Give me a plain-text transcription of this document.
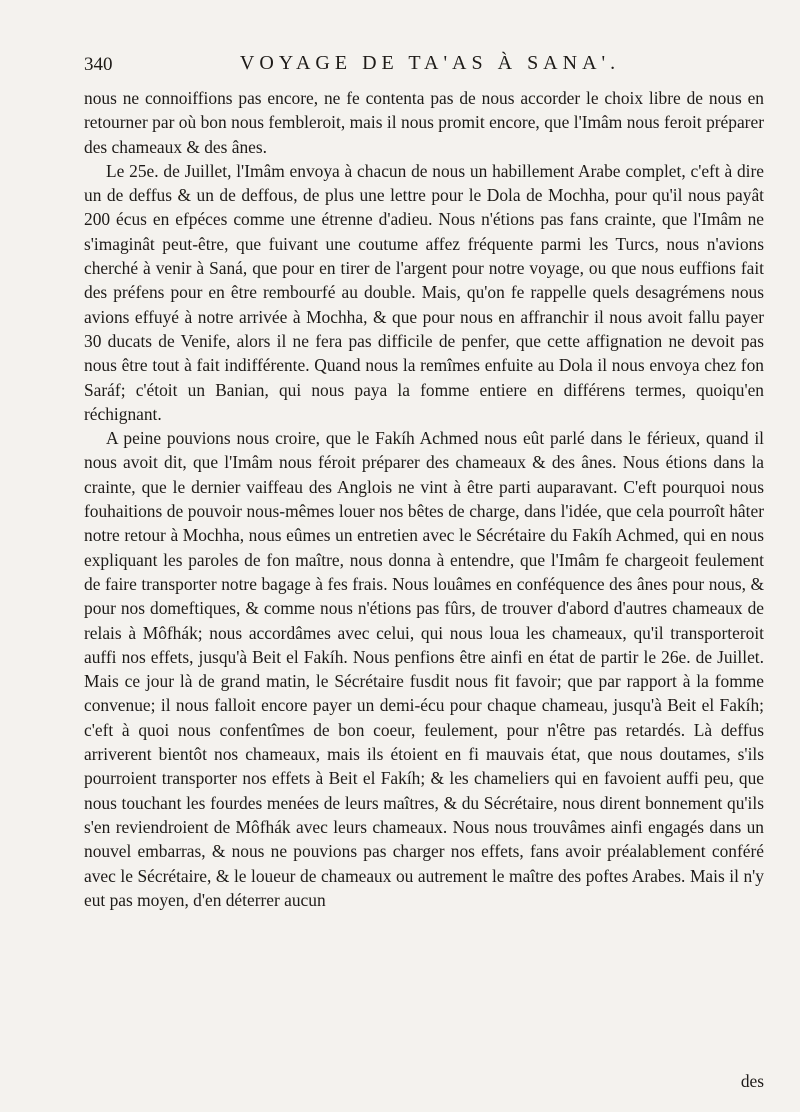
340	VOYAGE DE TA'AS À SANA'.

nous ne connoiffions pas encore, ne fe contenta pas de nous accorder le choix libre de nous en retourner par où bon nous fembleroit, mais il nous promit encore, que l'Imâm nous feroit préparer des chameaux & des ânes.

Le 25e. de Juillet, l'Imâm envoya à chacun de nous un habillement Arabe complet, c'eft à dire un de deffus & un de deffous, de plus une lettre pour le Dola de Mochha, pour qu'il nous payât 200 écus en efpéces comme une étrenne d'adieu. Nous n'étions pas fans crainte, que l'Imâm ne s'imaginât peut-être, que fuivant une coutume affez fréquente parmi les Turcs, nous n'avions cherché à venir à Saná, que pour en tirer de l'argent pour notre voyage, ou que nous euffions fait des préfens pour en être rembourfé au double. Mais, qu'on fe rappelle quels desagrémens nous avions effuyé à notre arrivée à Mochha, & que pour nous en affranchir il nous avoit fallu payer 30 ducats de Venife, alors il ne fera pas difficile de penfer, que cette affignation ne devoit pas nous être tout à fait indifférente. Quand nous la remîmes enfuite au Dola il nous envoya chez fon Saráf; c'étoit un Banian, qui nous paya la fomme entiere en différens termes, quoiqu'en réchignant.

A peine pouvions nous croire, que le Fakíh Achmed nous eût parlé dans le férieux, quand il nous avoit dit, que l'Imâm nous féroit préparer des chameaux & des ânes. Nous étions dans la crainte, que le dernier vaiffeau des Anglois ne vint à être parti auparavant. C'eft pourquoi nous fouhaitions de pouvoir nous-mêmes louer nos bêtes de charge, dans l'idée, que cela pourroît hâter notre retour à Mochha, nous eûmes un entretien avec le Sécrétaire du Fakíh Achmed, qui en nous expliquant les paroles de fon maître, nous donna à entendre, que l'Imâm fe chargeoit feulement de faire transporter notre bagage à fes frais. Nous louâmes en conféquence des ânes pour nous, & pour nos domeftiques, & comme nous n'étions pas fûrs, de trouver d'abord d'autres chameaux de relais à Môfhák; nous accordâmes avec celui, qui nous loua les chameaux, qu'il transporteroit auffi nos effets, jusqu'à Beit el Fakíh. Nous penfions être ainfi en état de partir le 26e. de Juillet. Mais ce jour là de grand matin, le Sécrétaire fusdit nous fit favoir; que par rapport à la fomme convenue; il nous falloit encore payer un demi-écu pour chaque chameau, jusqu'à Beit el Fakíh; c'eft à quoi nous confentîmes de bon coeur, feulement, pour n'être pas retardés. Là deffus arriverent bientôt nos chameaux, mais ils étoient en fi mauvais état, que nous doutames, s'ils pourroient transporter nos effets à Beit el Fakíh; & les chameliers qui en favoient auffi peu, que nous touchant les fourdes menées de leurs maîtres, & du Sécrétaire, nous dirent bonnement qu'ils s'en reviendroient de Môfhák avec leurs chameaux. Nous nous trouvâmes ainfi engagés dans un nouvel embarras, & nous ne pouvions pas charger nos effets, fans avoir préalablement conféré avec le Sécrétaire, & le loueur de chameaux ou autrement le maître des poftes Arabes. Mais il n'y eut pas moyen, d'en déterrer aucun

des
